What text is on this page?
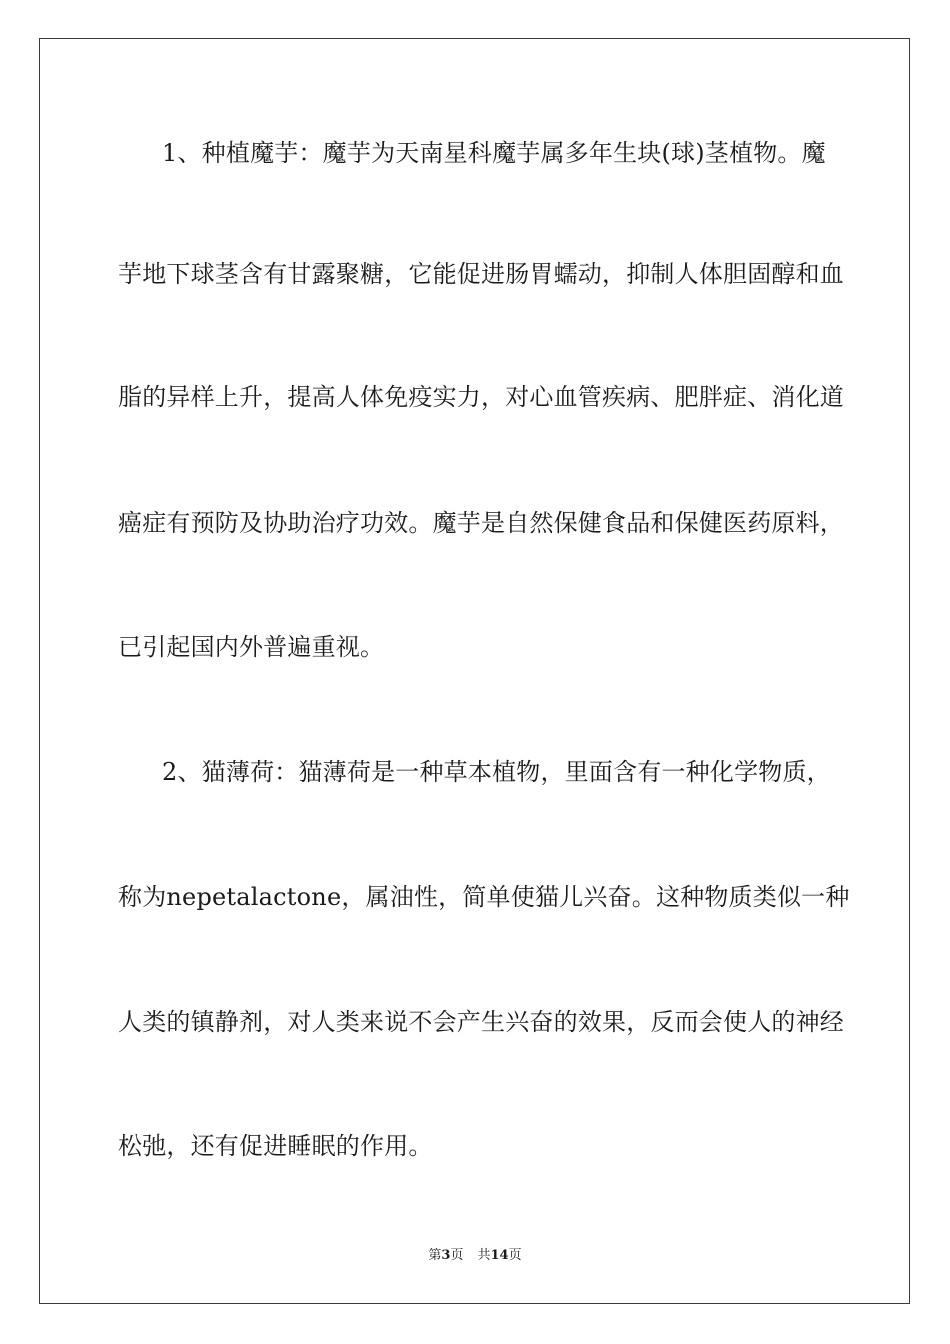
1、种植魔芋：魔芋为天南星科魔芋属多年生块(球)茎植物。魔
芋地下球茎含有甘露聚糖，它能促进肠胃蠕动，抑制人体胆固醇和血
脂的异样上升，提高人体免疫实力，对心血管疾病、肥胖症、消化道
癌症有预防及协助治疗功效。魔芋是自然保健食品和保健医药原料，
已引起国内外普遍重视。
2、猫薄荷：猫薄荷是一种草本植物，里面含有一种化学物质，
称为nepetalactone，属油性，简单使猫儿兴奋。这种物质类似一种
人类的镇静剂，对人类来说不会产生兴奋的效果，反而会使人的神经
松弛，还有促进睡眠的作用。
第3页 共14页
